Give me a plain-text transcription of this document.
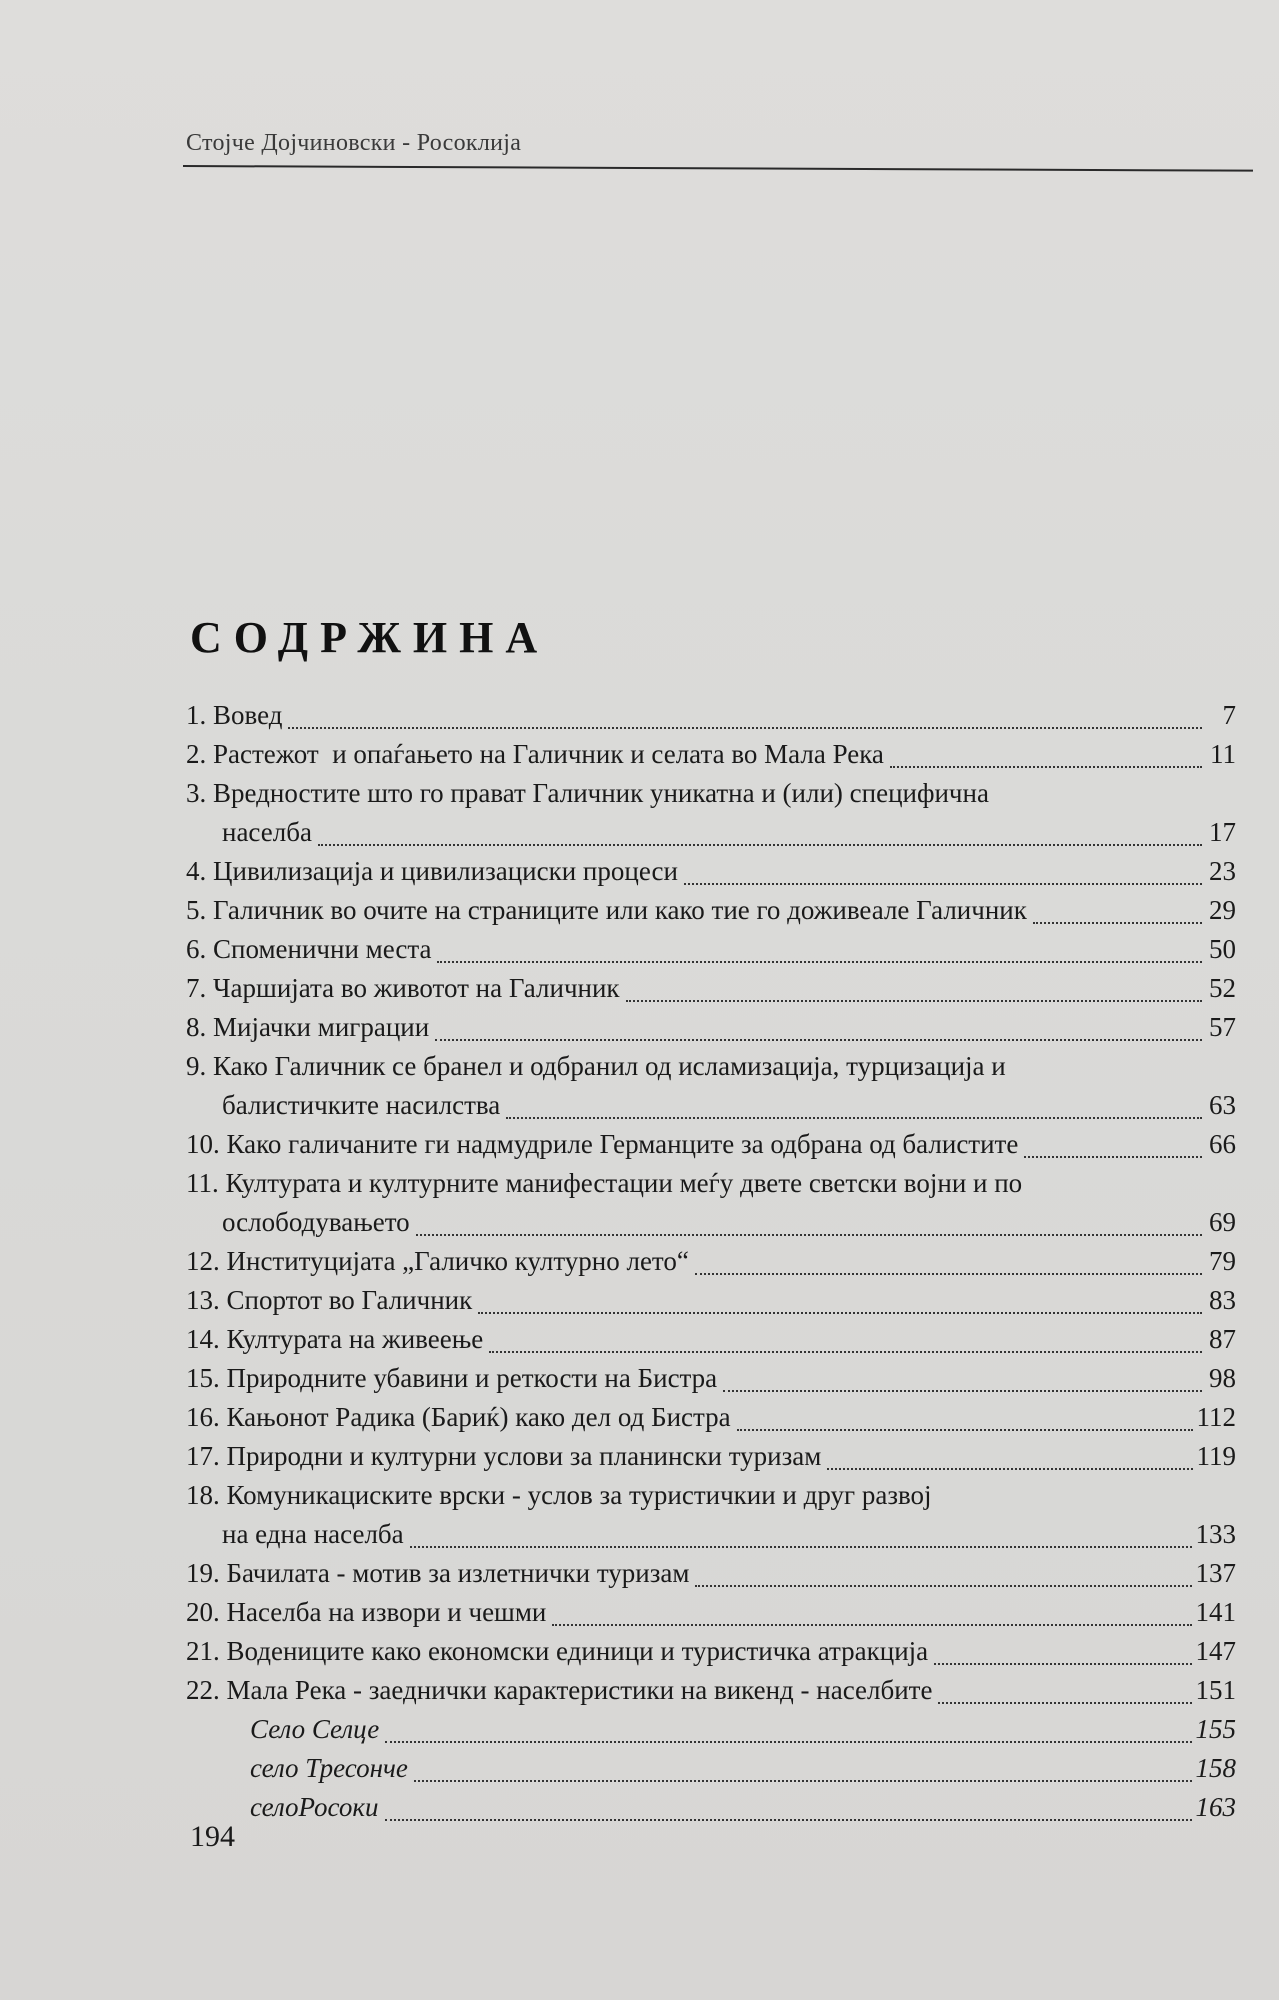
Стојче Дојчиновски - Росоклија
СОДРЖИНА
1. Вовед	7
2. Растежот  и опаѓањето на Галичник и селата во Мала Река	11
3. Вредностите што го прават Галичник уникатна и (или) специфична
населба	17
4. Цивилизација и цивилизациски процеси	23
5. Галичник во очите на страниците или како тие го доживеале Галичник	29
6. Споменични места	50
7. Чаршијата во животот на Галичник	52
8. Мијачки миграции	57
9. Како Галичник се бранел и одбранил од исламизација, турцизација и
балистичките насилства	63
10. Како галичаните ги надмудриле Германците за одбрана од балистите	66
11. Културата и културните манифестации меѓу двете светски војни и по
ослободувањето	69
12. Институцијата „Галичко културно лето“	79
13. Спортот во Галичник	83
14. Културата на живеење	87
15. Природните убавини и реткости на Бистра	98
16. Кањонот Радика (Бариќ) како дел од Бистра	112
17. Природни и културни услови за планински туризам	119
18. Комуникациските врски - услов за туристичкии и друг развој
на една населба	133
19. Бачилата - мотив за излетнички туризам	137
20. Населба на извори и чешми	141
21. Воденицитe како економски единици и туристичка атракција	147
22. Мала Река - заеднички карактеристики на викенд - населбите	151
Село Селце	155
село Тресонче	158
селоРосоки	163
194
